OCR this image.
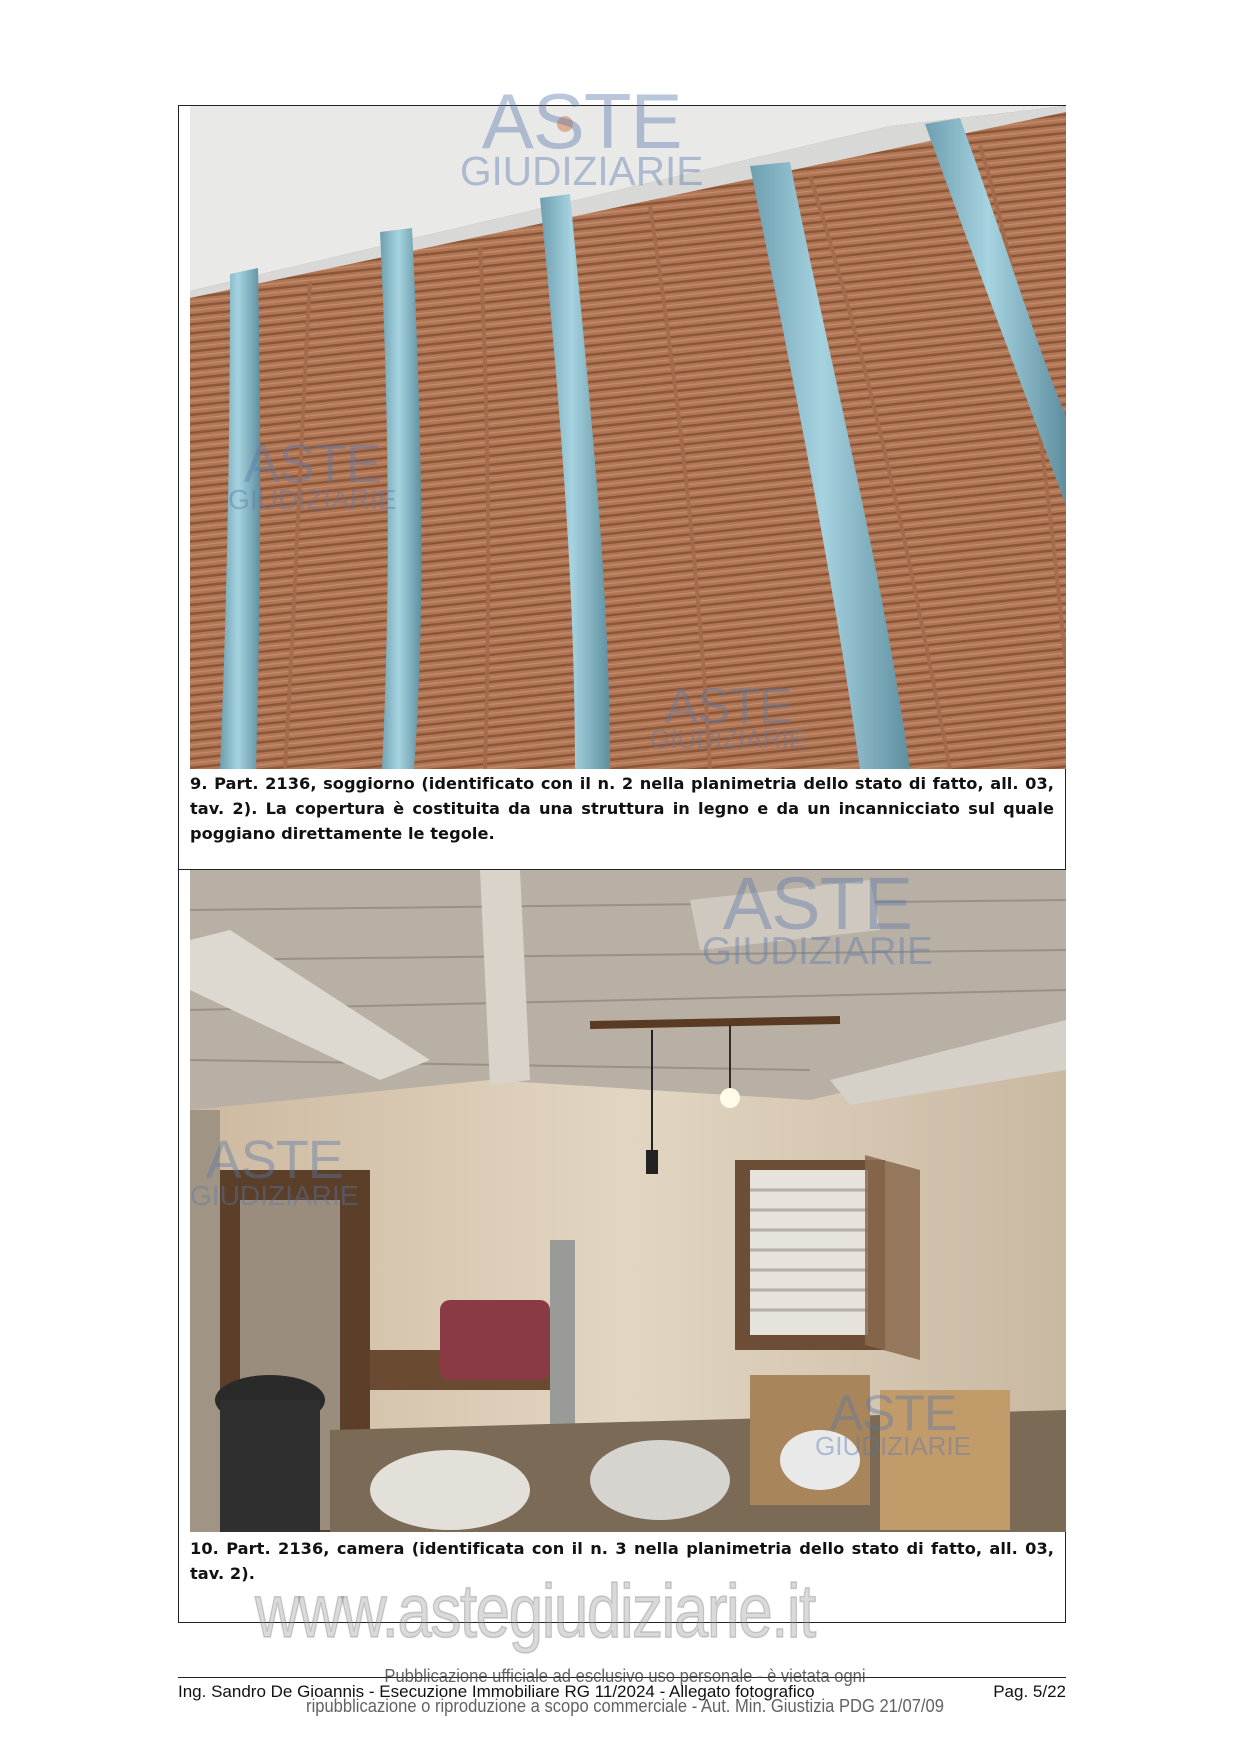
ASTE
GIUDIZIARIE
ASTE
GIUDIZIARIE
ASTE
GIUDIZIARIE
9. Part. 2136, soggiorno (identificato con il n. 2 nella planimetria dello stato di fatto, all. 03, tav. 2). La copertura è costituita da una struttura in legno e da un incannicciato sul quale poggiano direttamente le tegole.
ASTE
GIUDIZIARIE
ASTE
GIUDIZIARIE
ASTE
GIUDIZIARIE
10. Part. 2136, camera (identificata con il n. 3 nella planimetria dello stato di fatto, all. 03, tav. 2). www.astegiudiziarie.it
Ing. Sandro De Gioannis - Esecuzione Immobiliare RG 11/2024 - Allegato fotografico	Pag. 5/22
Pubblicazione ufficiale ad esclusivo uso personale - è vietata ogni
ripubblicazione o riproduzione a scopo commerciale - Aut. Min. Giustizia PDG 21/07/09
